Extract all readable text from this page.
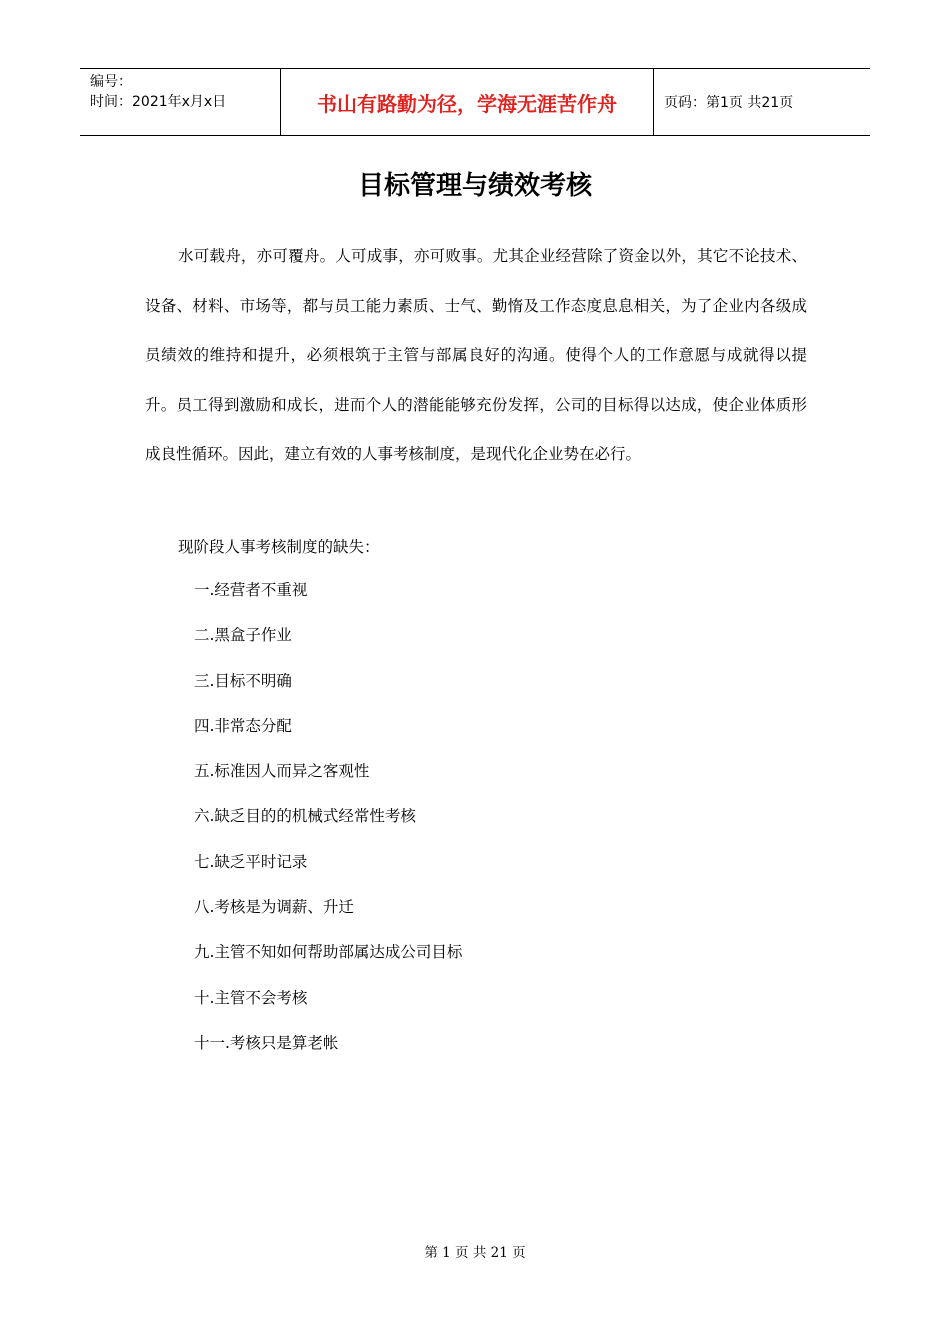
编号：
时间：2021年x月x日	书山有路勤为径，学海无涯苦作舟	页码：第1页 共21页
目标管理与绩效考核

水可载舟，亦可覆舟。人可成事，亦可败事。尤其企业经营除了资金以外，其它不论技术、设备、材料、市场等，都与员工能力素质、士气、勤惰及工作态度息息相关，为了企业内各级成员绩效的维持和提升，必须根筑于主管与部属良好的沟通。使得个人的工作意愿与成就得以提升。员工得到激励和成长，进而个人的潜能能够充份发挥，公司的目标得以达成，使企业体质形成良性循环。因此，建立有效的人事考核制度，是现代化企业势在必行。

现阶段人事考核制度的缺失：

一.经营者不重视
二.黑盒子作业
三.目标不明确
四.非常态分配
五.标准因人而异之客观性
六.缺乏目的的机械式经常性考核
七.缺乏平时记录
八.考核是为调薪、升迁
九.主管不知如何帮助部属达成公司目标
十.主管不会考核
十一.考核只是算老帐
第 1 页 共 21 页
